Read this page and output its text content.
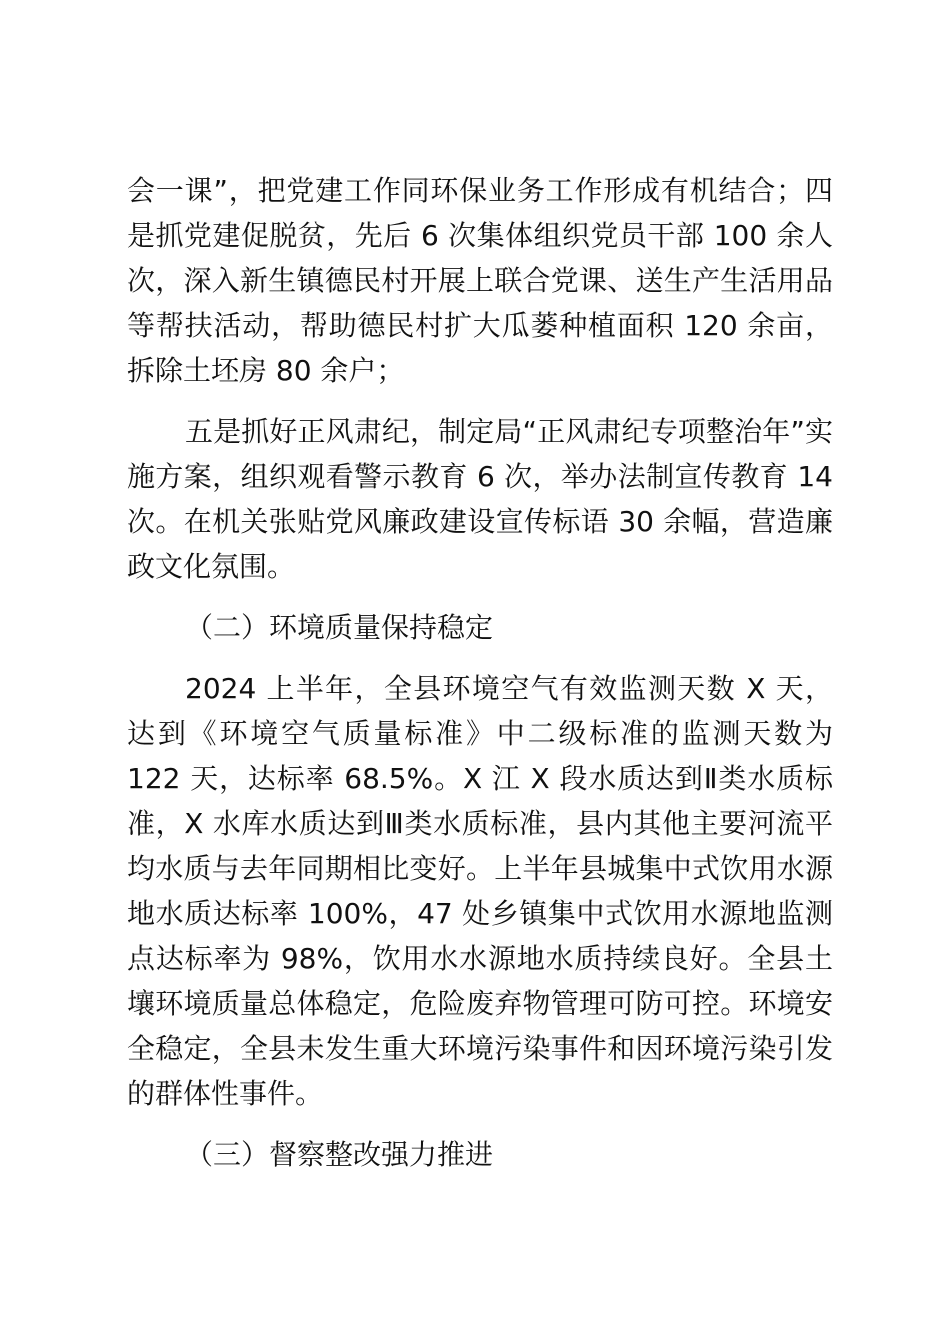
会一课”，把党建工作同环保业务工作形成有机结合；四是抓党建促脱贫，先后 6 次集体组织党员干部 100 余人次，深入新生镇德民村开展上联合党课、送生产生活用品等帮扶活动，帮助德民村扩大瓜蒌种植面积 120 余亩，拆除土坯房 80 余户；

五是抓好正风肃纪，制定局“正风肃纪专项整治年”实施方案，组织观看警示教育 6 次，举办法制宣传教育 14 次。在机关张贴党风廉政建设宣传标语 30 余幅，营造廉政文化氛围。

（二）环境质量保持稳定

2024 上半年，全县环境空气有效监测天数 X 天，达到《环境空气质量标准》中二级标准的监测天数为 122 天，达标率 68.5%。X 江 X 段水质达到Ⅱ类水质标准，X 水库水质达到Ⅲ类水质标准，县内其他主要河流平均水质与去年同期相比变好。上半年县城集中式饮用水源地水质达标率 100%，47 处乡镇集中式饮用水源地监测点达标率为 98%，饮用水水源地水质持续良好。全县土壤环境质量总体稳定，危险废弃物管理可防可控。环境安全稳定，全县未发生重大环境污染事件和因环境污染引发的群体性事件。

（三）督察整改强力推进
